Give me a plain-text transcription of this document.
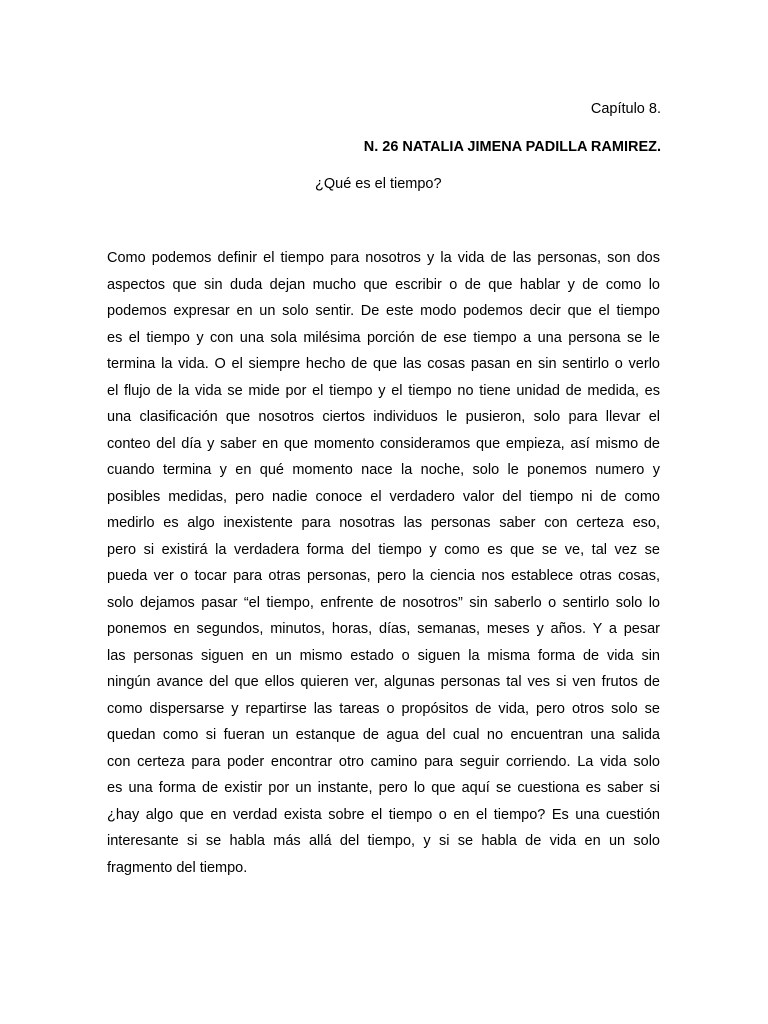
Capítulo 8.
N. 26 NATALIA JIMENA PADILLA RAMIREZ.
¿Qué es el tiempo?
Como podemos definir el tiempo para nosotros y la vida de las personas, son dos
aspectos que sin duda dejan mucho que escribir o de que hablar y de como lo
podemos expresar en un solo sentir. De este modo podemos decir que el tiempo
es el tiempo y con una sola milésima porción de ese tiempo a una persona se le
termina la vida. O el siempre hecho de que las cosas pasan en sin sentirlo o verlo
el flujo de la vida se mide por el tiempo y el tiempo no tiene unidad de medida, es
una clasificación que nosotros ciertos individuos le pusieron, solo para llevar el
conteo del día y saber en que momento consideramos que empieza, así mismo de
cuando termina y en qué momento nace la noche, solo le ponemos numero y
posibles medidas, pero nadie conoce el verdadero valor del tiempo ni de como
medirlo es algo inexistente para nosotras las personas saber con certeza eso,
pero si existirá la verdadera forma del tiempo y como es que se ve, tal vez se
pueda ver o tocar para otras personas, pero la ciencia nos establece otras cosas,
solo dejamos pasar “el tiempo, enfrente de nosotros” sin saberlo o sentirlo solo lo
ponemos en segundos, minutos, horas, días, semanas, meses y años. Y a pesar
las personas siguen en un mismo estado o siguen la misma forma de vida sin
ningún avance del que ellos quieren ver, algunas personas tal ves si ven frutos de
como dispersarse y repartirse las tareas o propósitos de vida, pero otros solo se
quedan como si fueran un estanque de agua del cual no encuentran una salida
con certeza para poder encontrar otro camino para seguir corriendo. La vida solo
es una forma de existir por un instante, pero lo que aquí se cuestiona es saber si
¿hay algo que en verdad exista sobre el tiempo o en el tiempo? Es una cuestión
interesante si se habla más allá del tiempo, y si se habla de vida en un solo
fragmento del tiempo.
